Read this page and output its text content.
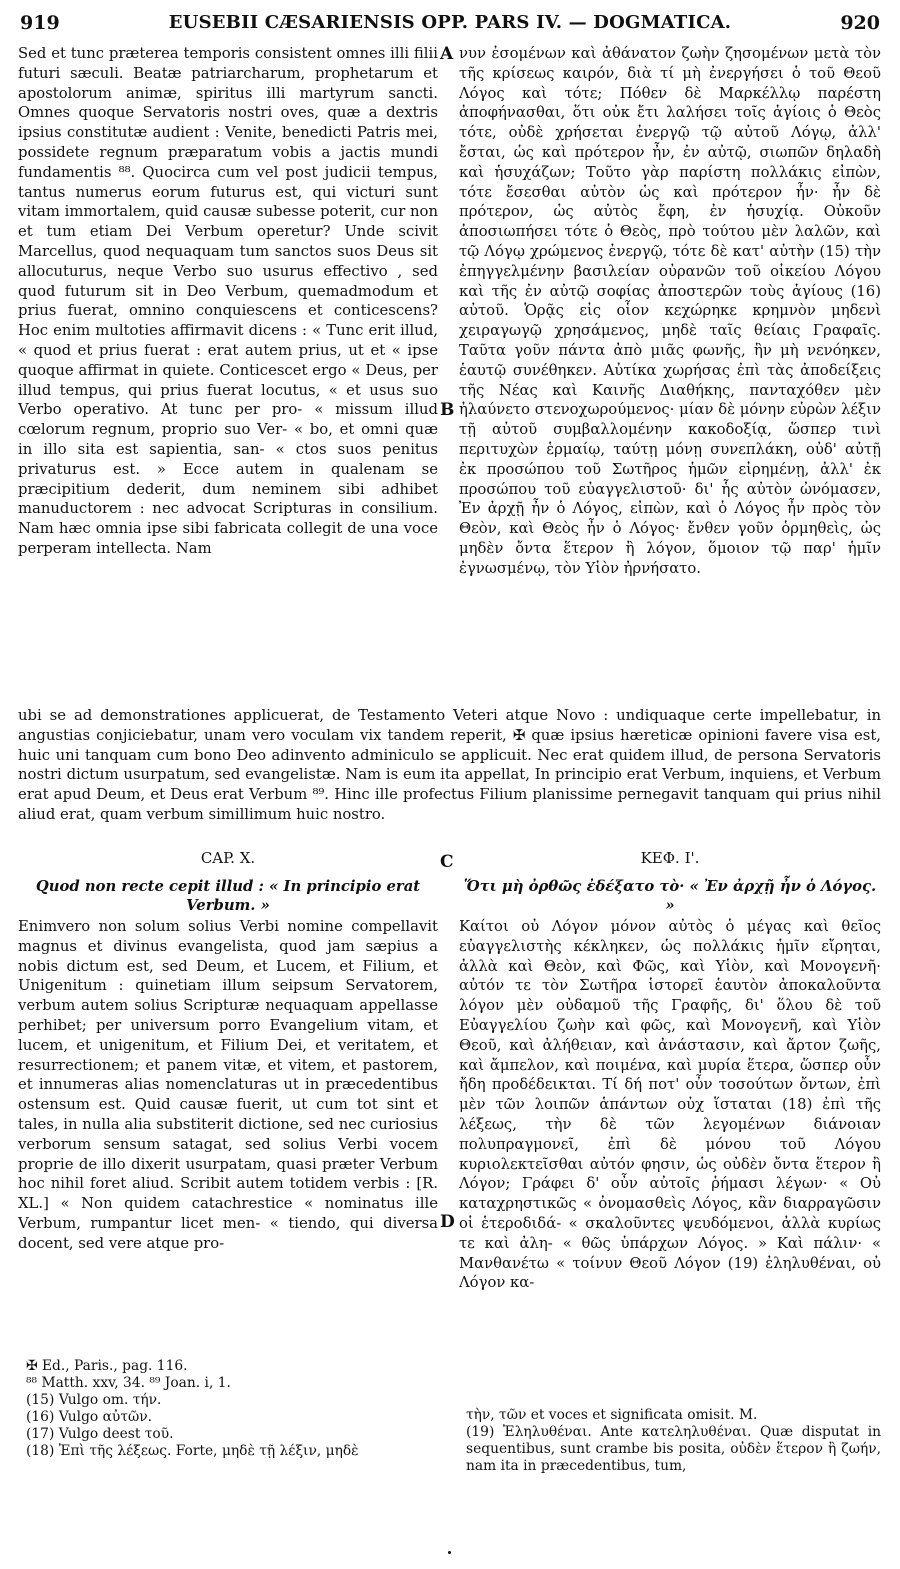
919	EUSEBII CÆSARIENSIS OPP. PARS IV. — DOGMATICA.	920

Sed et tunc præterea temporis consistent omnes illi filii futuri sæculi. Beatæ patriarcharum, prophetarum et apostolorum animæ, spiritus illi martyrum sancti. Omnes quoque Servatoris nostri oves, quæ a dextris ipsius constitutæ audient : Venite, benedicti Patris mei, possidete regnum præparatum vobis a jactis mundi fundamentis ⁸⁸. Quocirca cum vel post judicii tempus, tantus numerus eorum futurus est, qui victuri sunt vitam immortalem, quid causæ subesse poterit, cur non et tum etiam Dei Verbum operetur? Unde scivit Marcellus, quod nequaquam tum sanctos suos Deus sit allocuturus, neque Verbo suo usurus effectivo , sed quod futurum sit in Deo Verbum, quemadmodum et prius fuerat, omnino conquiescens et conticescens? Hoc enim multoties affirmavit dicens : « Tunc erit illud, « quod et prius fuerat : erat autem prius, ut et « ipse quoque affirmat in quiete. Conticescet ergo « Deus, per illud tempus, qui prius fuerat locutus, « et usus suo Verbo operativo. At tunc per pro- « missum illud cœlorum regnum, proprio suo Ver- « bo, et omni quæ in illo sita est sapientia, san- « ctos suos penitus privaturus est. » Ecce autem in qualenam se præcipitium dederit, dum neminem sibi adhibet manuductorem : nec advocat Scripturas in consilium. Nam hæc omnia ipse sibi fabricata collegit de una voce perperam intellecta. Nam

A
B

νυν ἐσομένων καὶ ἀθάνατον ζωὴν ζησομένων μετὰ τὸν τῆς κρίσεως καιρόν, διὰ τί μὴ ἐνεργήσει ὁ τοῦ Θεοῦ Λόγος καὶ τότε; Πόθεν δὲ Μαρκέλλῳ παρέστη ἀποφήνασθαι, ὅτι οὐκ ἔτι λαλήσει τοῖς ἁγίοις ὁ Θεὸς τότε, οὐδὲ χρήσεται ἐνεργῷ τῷ αὐτοῦ Λόγῳ, ἀλλ' ἔσται, ὡς καὶ πρότερον ἦν, ἐν αὐτῷ, σιωπῶν δηλαδὴ καὶ ἡσυχάζων; Τοῦτο γὰρ παρίστη πολλάκις εἰπὼν, τότε ἔσεσθαι αὐτὸν ὡς καὶ πρότερον ἦν· ἦν δὲ πρότερον, ὡς αὐτὸς ἔφη, ἐν ἡσυχίᾳ. Οὐκοῦν ἀποσιωπήσει τότε ὁ Θεὸς, πρὸ τούτου μὲν λαλῶν, καὶ τῷ Λόγῳ χρώμενος ἐνεργῷ, τότε δὲ κατ' αὐτὴν (15) τὴν ἐπηγγελμένην βασιλείαν οὐρανῶν τοῦ οἰκείου Λόγου καὶ τῆς ἐν αὐτῷ σοφίας ἀποστερῶν τοὺς ἁγίους (16) αὐτοῦ. Ὁρᾷς εἰς οἷον κεχώρηκε κρημνὸν μηδενὶ χειραγωγῷ χρησάμενος, μηδὲ ταῖς θείαις Γραφαῖς. Ταῦτα γοῦν πάντα ἀπὸ μιᾶς φωνῆς, ἣν μὴ νενόηκεν, ἑαυτῷ συνέθηκεν. Αὐτίκα χωρήσας ἐπὶ τὰς ἀποδείξεις τῆς Νέας καὶ Καινῆς Διαθήκης, πανταχόθεν μὲν ἠλαύνετο στενοχωρούμενος· μίαν δὲ μόνην εὑρὼν λέξιν τῇ αὐτοῦ συμβαλλομένην κακοδοξίᾳ, ὥσπερ τινὶ περιτυχὼν ἑρμαίῳ, ταύτῃ μόνῃ συνεπλάκη, οὐδ' αὐτῇ ἐκ προσώπου τοῦ Σωτῆρος ἡμῶν εἰρημένῃ, ἀλλ' ἐκ προσώπου τοῦ εὐαγγελιστοῦ· δι' ἧς αὐτὸν ὠνόμασεν, Ἐν ἀρχῇ ἦν ὁ Λόγος, εἰπὼν, καὶ ὁ Λόγος ἦν πρὸς τὸν Θεὸν, καὶ Θεὸς ἦν ὁ Λόγος· ἔνθεν γοῦν ὁρμηθεὶς, ὡς μηδὲν ὄντα ἕτερον ἢ λόγον, ὅμοιον τῷ παρ' ἡμῖν ἐγνωσμένῳ, τὸν Υἱὸν ἠρνήσατο.

ubi se ad demonstrationes applicuerat, de Testamento Veteri atque Novo : undiquaque certe impellebatur, in angustias conjiciebatur, unam vero voculam vix tandem reperit, ✠ quæ ipsius hæreticæ opinioni favere visa est, huic uni tanquam cum bono Deo adinvento adminiculo se applicuit. Nec erat quidem illud, de persona Servatoris nostri dictum usurpatum, sed evangelistæ. Nam is eum ita appellat, In principio erat Verbum, inquiens, et Verbum erat apud Deum, et Deus erat Verbum ⁸⁹. Hinc ille profectus Filium planissime pernegavit tanquam qui prius nihil aliud erat, quam verbum simillimum huic nostro.

CAP. X.	C	ΚΕΦ. Ι'.
Quod non recte cepit illud : « In principio erat Verbum. »
Ὅτι μὴ ὀρθῶς ἐδέξατο τὸ· « Ἐν ἀρχῇ ἦν ὁ Λόγος. »

Enimvero non solum solius Verbi nomine compellavit magnus et divinus evangelista, quod jam sæpius a nobis dictum est, sed Deum, et Lucem, et Filium, et Unigenitum : quinetiam illum seipsum Servatorem, verbum autem solius Scripturæ nequaquam appellasse perhibet; per universum porro Evangelium vitam, et lucem, et unigenitum, et Filium Dei, et veritatem, et resurrectionem; et panem vitæ, et vitem, et pastorem, et innumeras alias nomenclaturas ut in præcedentibus ostensum est. Quid causæ fuerit, ut cum tot sint et tales, in nulla alia substiterit dictione, sed nec curiosius verborum sensum satagat, sed solius Verbi vocem proprie de illo dixerit usurpatam, quasi præter Verbum hoc nihil foret aliud. Scribit autem totidem verbis : [R. XL.] « Non quidem catachrestice « nominatus ille Verbum, rumpantur licet men- « tiendo, qui diversa docent, sed vere atque pro-

D

Καίτοι οὐ Λόγον μόνον αὐτὸς ὁ μέγας καὶ θεῖος εὐαγγελιστὴς κέκληκεν, ὡς πολλάκις ἡμῖν εἴρηται, ἀλλὰ καὶ Θεὸν, καὶ Φῶς, καὶ Υἱὸν, καὶ Μονογενῆ· αὐτόν τε τὸν Σωτῆρα ἱστορεῖ ἑαυτὸν ἀποκαλοῦντα λόγον μὲν οὐδαμοῦ τῆς Γραφῆς, δι' ὅλου δὲ τοῦ Εὐαγγελίου ζωὴν καὶ φῶς, καὶ Μονογενῆ, καὶ Υἱὸν Θεοῦ, καὶ ἀλήθειαν, καὶ ἀνάστασιν, καὶ ἄρτον ζωῆς, καὶ ἄμπελον, καὶ ποιμένα, καὶ μυρία ἕτερα, ὥσπερ οὖν ἤδη προδέδεικται. Τί δή ποτ' οὖν τοσούτων ὄντων, ἐπὶ μὲν τῶν λοιπῶν ἁπάντων οὐχ ἵσταται (18) ἐπὶ τῆς λέξεως, τὴν δὲ τῶν λεγομένων διάνοιαν πολυπραγμονεῖ, ἐπὶ δὲ μόνου τοῦ Λόγου κυριολεκτεῖσθαι αὐτόν φησιν, ὡς οὐδὲν ὄντα ἕτερον ἢ Λόγον; Γράφει δ' οὖν αὐτοῖς ῥήμασι λέγων· « Οὐ καταχρηστικῶς « ὀνομασθεὶς Λόγος, κἂν διαρραγῶσιν οἱ ἑτεροδιδά- « σκαλοῦντες ψευδόμενοι, ἀλλὰ κυρίως τε καὶ ἀλη- « θῶς ὑπάρχων Λόγος. » Καὶ πάλιν· « Μανθανέτω « τοίνυν Θεοῦ Λόγον (19) ἐληλυθέναι, οὐ Λόγον κα-

✠ Ed., Paris., pag. 116.
⁸⁸ Matth. xxv, 34. ⁸⁹ Joan. i, 1.
(15) Vulgo om. τήν.
(16) Vulgo αὐτῶν.
(17) Vulgo deest τοῦ.
(18) Ἐπὶ τῆς λέξεως. Forte, μηδὲ τῇ λέξιν, μηδὲ
τὴν, τῶν et voces et significata omisit. M.
(19) Ἐληλυθέναι. Ante κατεληλυθέναι. Quæ disputat in sequentibus, sunt crambe bis posita, οὐδὲν ἕτερον ἢ ζωήν, nam ita in præcedentibus, tum,
